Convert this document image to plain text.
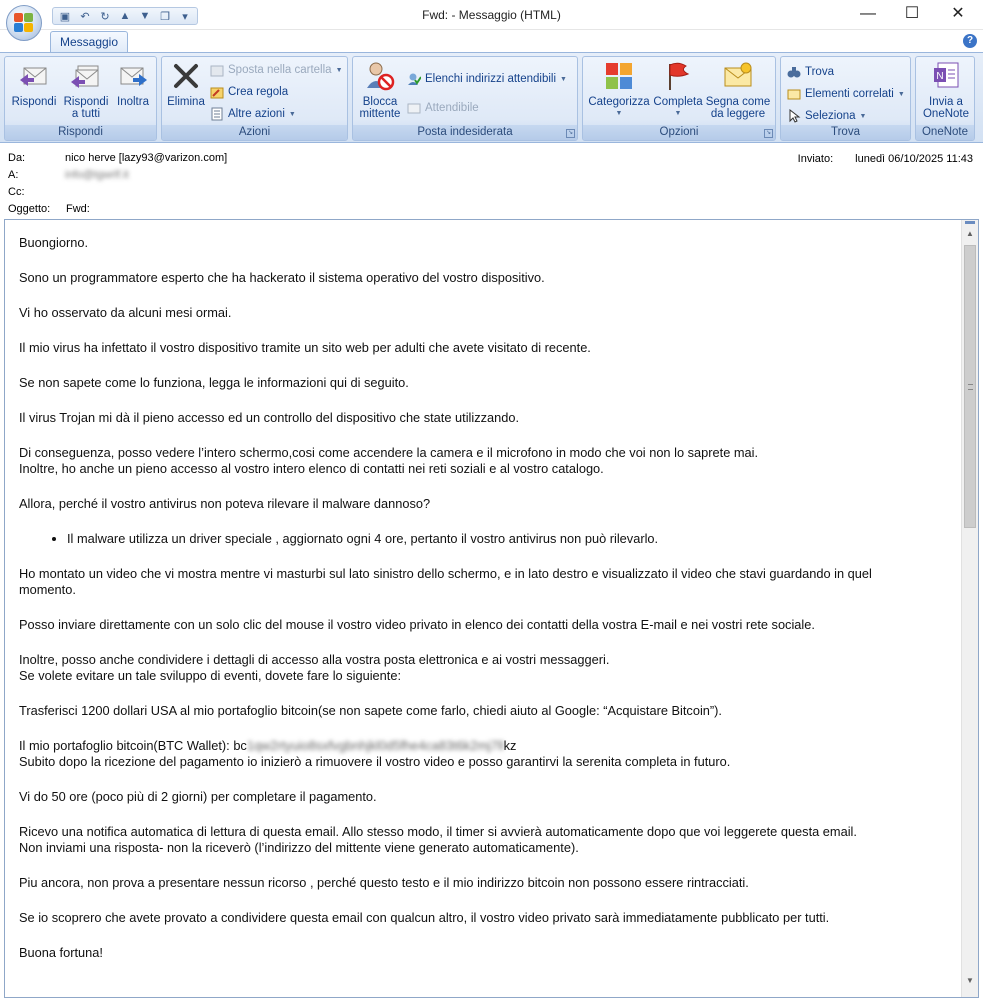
▣ ↶ ↻ ▲ ▼ ❐	▾	Fwd: - Messaggio (HTML)	—	☐	✕
Messaggio	?
Rispondi Rispondi
a tutti
Inoltra
Rispondi
Elimina
Sposta nella cartella ▼
Crea regola
Altre azioni ▼
Azioni
Blocca
mittente
Elenchi indirizzi attendibili ▼
Attendibile
Posta indesiderata	↘
Categorizza
▼
Completa
▼
Segna come
da leggere
Opzioni	↘
Trova
Elementi correlati ▼
Seleziona ▼
Trova
N
Invia a
OneNote
OneNote
Da:	nico herve [lazy93@varizon.com]
A:	info@tgwrlf.it
Cc:
Oggetto:	Fwd:
Inviato: lunedì 06/10/2025 11:43

Buongiorno.

Sono un programmatore esperto che ha hackerato il sistema operativo del vostro dispositivo.

Vi ho osservato da alcuni mesi ormai.

Il mio virus ha infettato il vostro dispositivo tramite un sito web per adulti che avete visitato di recente.

Se non sapete come lo funziona, legga le informazioni qui di seguito.

Il virus Trojan mi dà il pieno accesso ed un controllo del dispositivo che state utilizzando.

Di conseguenza, posso vedere l’intero schermo,cosi come accendere la camera e il microfono in modo che voi non lo saprete mai.
Inoltre, ho anche un pieno accesso al vostro intero elenco di contatti nei reti soziali e al vostro catalogo.

Allora, perché il vostro antivirus non poteva rilevare il malware dannoso?

• Il malware utilizza un driver speciale , aggiornato ogni 4 ore, pertanto il vostro antivirus non può rilevarlo.

Ho montato un video che vi mostra mentre vi masturbi sul lato sinistro dello schermo, e in lato destro e visualizzato il video che stavi guardando in quel momento.

Posso inviare direttamente con un solo clic del mouse il vostro video privato in elenco dei contatti della vostra E-mail e nei vostri rete sociale.

Inoltre, posso anche condividere i dettagli di accesso alla vostra posta elettronica e ai vostri messaggeri.
Se volete evitare un tale sviluppo di eventi, dovete fare lo siguiente:

Trasferisci 1200 dollari USA al mio portafoglio bitcoin(se non sapete come farlo, chiedi aiuto al Google: “Acquistare Bitcoin”).

Il mio portafoglio bitcoin(BTC Wallet): bc1qw2rtyuio8sxfvgbnhjkl0d5fhe4ca83t6k2mj7llkz
Subito dopo la ricezione del pagamento io inizierò a rimuovere il vostro video e posso garantirvi la serenita completa in futuro.

Vi do 50 ore (poco più di 2 giorni) per completare il pagamento.

Ricevo una notifica automatica di lettura di questa email. Allo stesso modo, il timer si avvierà automaticamente dopo que voi leggerete questa email.
Non inviami una risposta- non la riceverò (l’indirizzo del mittente viene generato automaticamente).

Piu ancora, non prova a presentare nessun ricorso , perché questo testo e il mio indirizzo bitcoin non possono essere rintracciati.

Se io scoprero che avete provato a condividere questa email con qualcun altro, il vostro video privato sarà immediatamente pubblicato per tutti.

Buona fortuna!

▲
▼
